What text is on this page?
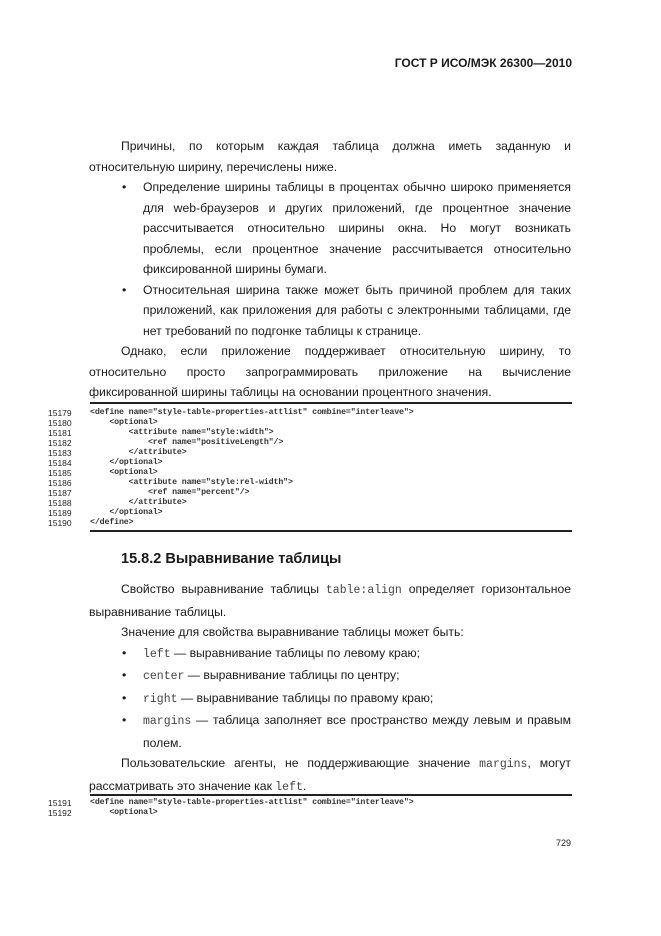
ГОСТ Р ИСО/МЭК 26300—2010

Причины, по которым каждая таблица должна иметь заданную и относительную ширину, перечислены ниже.

• Определение ширины таблицы в процентах обычно широко применяется для web-браузеров и других приложений, где процентное значение рассчитывается относительно ширины окна. Но могут возникать проблемы, если процентное значение рассчитывается относительно фиксированной ширины бумаги.
• Относительная ширина также может быть причиной проблем для таких приложений, как приложения для работы с электронными таблицами, где нет требований по подгонке таблицы к странице.

Однако, если приложение поддерживает относительную ширину, то относительно просто запрограммировать приложение на вычисление фиксированной ширины таблицы на основании процентного значения.

15179	<define name="style-table-properties-attlist" combine="interleave">
15180	<optional>
15181	<attribute name="style:width">
15182	<ref name="positiveLength"/>
15183	</attribute>
15184	</optional>
15185	<optional>
15186	<attribute name="style:rel-width">
15187	<ref name="percent"/>
15188	</attribute>
15189	</optional>
15190	</define>
15.8.2 Выравнивание таблицы

Свойство выравнивание таблицы table:align определяет горизонтальное выравнивание таблицы.

Значение для свойства выравнивание таблицы может быть:

• left — выравнивание таблицы по левому краю;
• center — выравнивание таблицы по центру;
• right — выравнивание таблицы по правому краю;
• margins — таблица заполняет все пространство между левым и правым полем.

Пользовательские агенты, не поддерживающие значение margins, могут рассматривать это значение как left.

15191	<define name="style-table-properties-attlist" combine="interleave">
15192	<optional>
729
